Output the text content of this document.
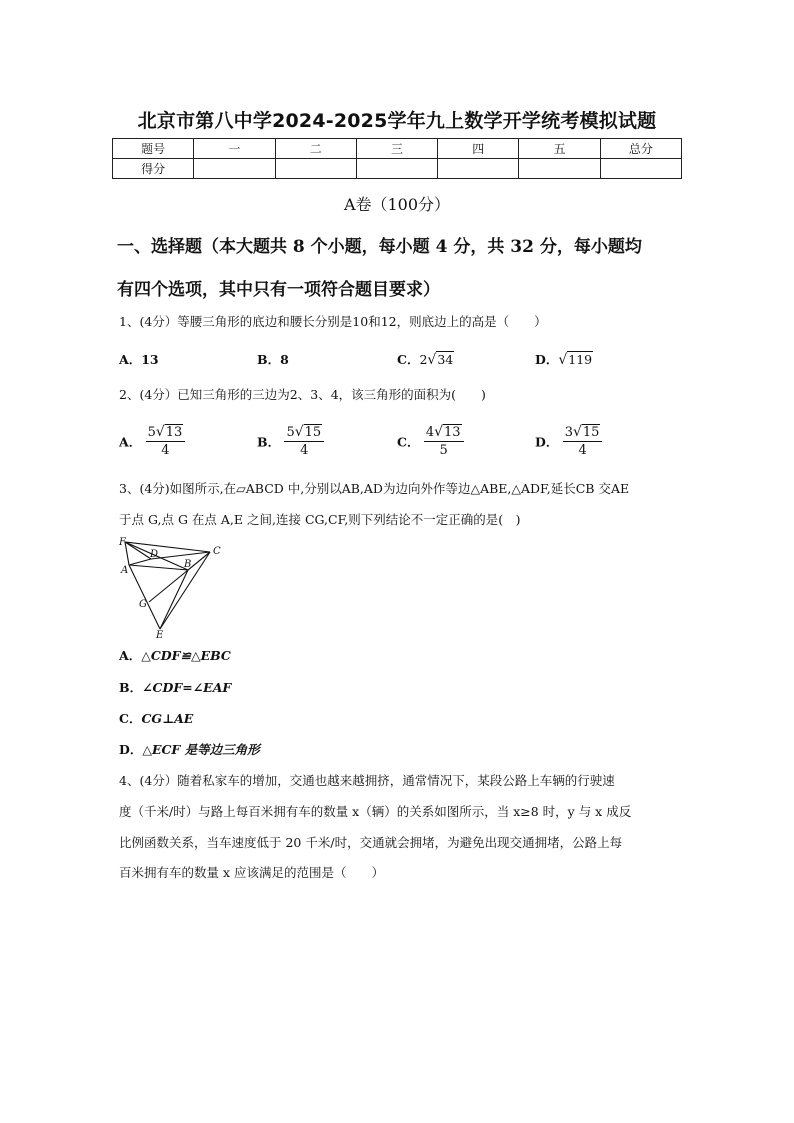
北京市第八中学2024-2025学年九上数学开学统考模拟试题
题号	一	二	三	四	五	总分
得分						
A卷（100分）
一、选择题（本大题共 8 个小题，每小题 4 分，共 32 分，每小题均
有四个选项，其中只有一项符合题目要求）
1、(4分）等腰三角形的底边和腰长分别是10和12，则底边上的高是（　　）
A．13	B．8	C．2√34	D．√119
2、(4分）已知三角形的三边为2、3、4，该三角形的面积为(　　)
A． $\frac{5√13}{4}$	B． $\frac{5√15}{4}$	C． $\frac{4√13}{5}$	D． $\frac{3√15}{4}$
3、(4分)如图所示,在▱ABCD 中,分别以AB,AD为边向外作等边△ABE,△ADF,延长CB 交AE
于点 G,点 G 在点 A,E 之间,连接 CG,CF,则下列结论不一定正确的是(　)
F
D	C
A
B
G
E
A．△CDF≌△EBC
B．∠CDF=∠EAF
C．CG⊥AE
D．△ECF 是等边三角形
4、(4分）随着私家车的增加，交通也越来越拥挤，通常情况下，某段公路上车辆的行驶速
度（千米/时）与路上每百米拥有车的数量 x（辆）的关系如图所示，当 x≥8 时，y 与 x 成反
比例函数关系，当车速度低于 20 千米/时，交通就会拥堵，为避免出现交通拥堵，公路上每
百米拥有车的数量 x 应该满足的范围是（　　）
